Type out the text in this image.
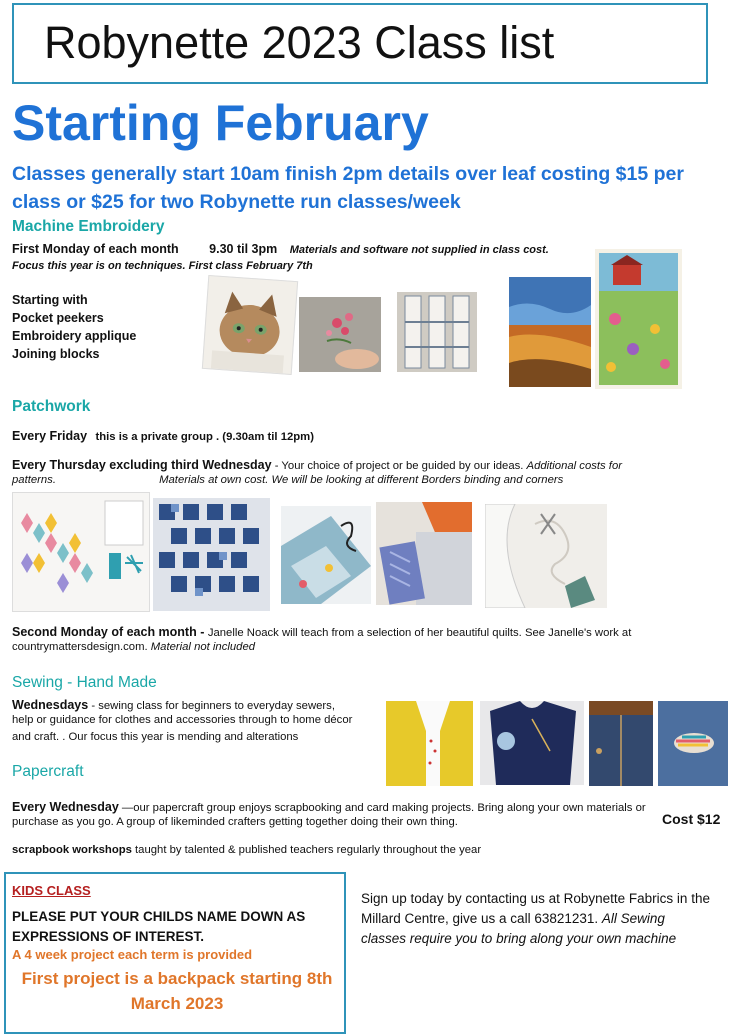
Robynette 2023 Class list
Starting February
Classes generally start 10am finish 2pm details over leaf costing $15 per class or $25 for two Robynette run classes/week
Machine Embroidery
First Monday of each month 9.30 til 3pm Materials and software not supplied in class cost.
Focus this year is on techniques. First class February 7th
Starting with
Pocket peekers
Embroidery applique
Joining blocks
Patchwork
Every Friday this is a private group . (9.30am til 12pm)
Every Thursday excluding third Wednesday - Your choice of project or be guided by our ideas. Additional costs for
patterns.	Materials at own cost. We will be looking at different Borders binding and corners
Second Monday of each month - Janelle Noack will teach from a selection of her beautiful quilts. See Janelle's work at
countrymattersdesign.com. Material not included
Sewing - Hand Made
Wednesdays - sewing class for beginners to everyday sewers,
help or guidance for clothes and accessories through to home décor
and craft. . Our focus this year is mending and alterations
Papercraft
Every Wednesday —our papercraft group enjoys scrapbooking and card making projects. Bring along your own materials or
purchase as you go. A group of likeminded crafters getting together doing their own thing.	Cost $12
scrapbook workshops taught by talented & published teachers regularly throughout the year
KIDS CLASS
PLEASE PUT YOUR CHILDS NAME DOWN AS EXPRESSIONS OF INTEREST.
A 4 week project each term is provided
First project is a backpack starting 8th March 2023
Sign up today by contacting us at Robynette Fabrics in the Millard Centre, give us a call 63821231. All Sewing classes require you to bring along your own machine
